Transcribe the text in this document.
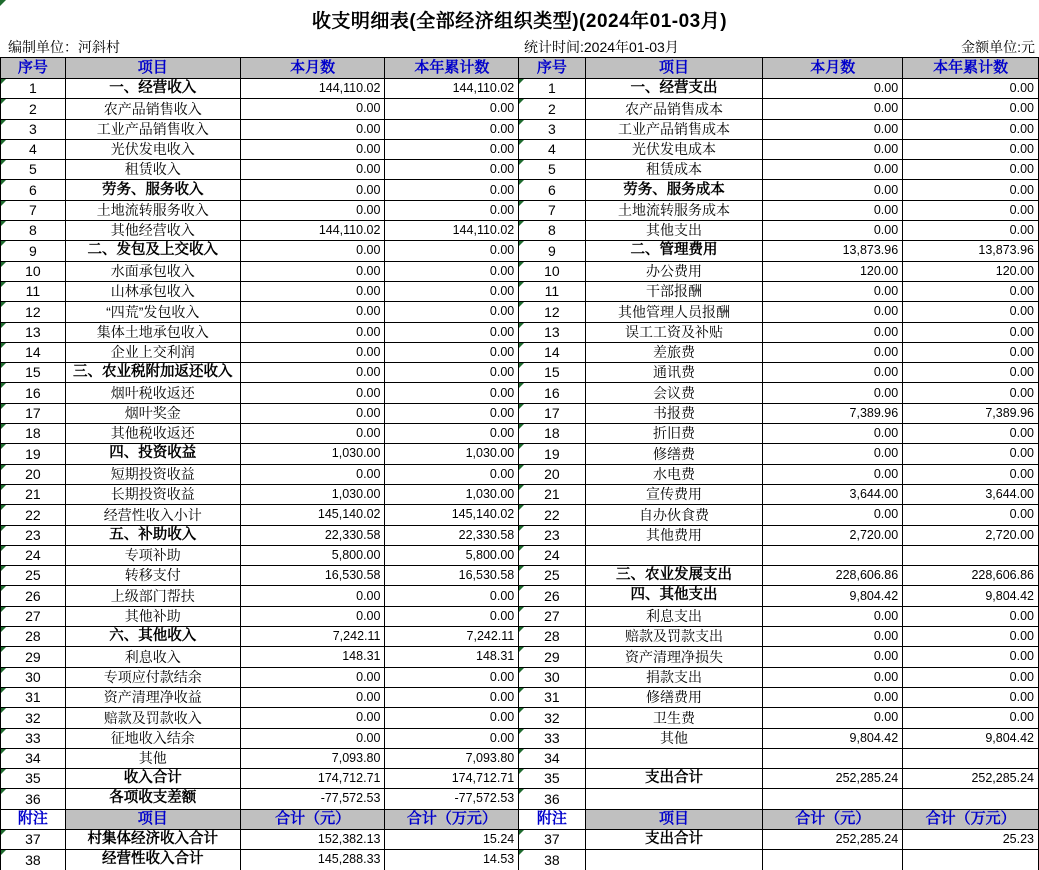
收支明细表(全部经济组织类型)(2024年01-03月)
编制单位：河斜村	统计时间:2024年01-03月	金额单位:元
序号	项目	本月数	本年累计数

1	一、经营收入	144,110.02	144,110.02

2	农产品销售收入	0.00	0.00

3	工业产品销售收入	0.00	0.00

4	光伏发电收入	0.00	0.00

5	租赁收入	0.00	0.00

6	劳务、服务收入	0.00	0.00

7	土地流转服务收入	0.00	0.00

8	其他经营收入	144,110.02	144,110.02

9	二、发包及上交收入	0.00	0.00

10	水面承包收入	0.00	0.00

11	山林承包收入	0.00	0.00

12	“四荒”发包收入	0.00	0.00

13	集体土地承包收入	0.00	0.00

14	企业上交利润	0.00	0.00

15	三、农业税附加返还收入	0.00	0.00

16	烟叶税收返还	0.00	0.00

17	烟叶奖金	0.00	0.00

18	其他税收返还	0.00	0.00

19	四、投资收益	1,030.00	1,030.00

20	短期投资收益	0.00	0.00

21	长期投资收益	1,030.00	1,030.00

22	经营性收入小计	145,140.02	145,140.02

23	五、补助收入	22,330.58	22,330.58

24	专项补助	5,800.00	5,800.00

25	转移支付	16,530.58	16,530.58

26	上级部门帮扶	0.00	0.00

27	其他补助	0.00	0.00

28	六、其他收入	7,242.11	7,242.11

29	利息收入	148.31	148.31

30	专项应付款结余	0.00	0.00

31	资产清理净收益	0.00	0.00

32	赔款及罚款收入	0.00	0.00

33	征地收入结余	0.00	0.00

34	其他	7,093.80	7,093.80

35	收入合计	174,712.71	174,712.71

36	各项收支差额	-77,572.53	-77,572.53
附注	项目	合计（元）	合计（万元）

37	村集体经济收入合计	152,382.13	15.24

38	经营性收入合计	145,288.33	14.53
序号	项目	本月数	本年累计数

1	一、经营支出	0.00	0.00

2	农产品销售成本	0.00	0.00

3	工业产品销售成本	0.00	0.00

4	光伏发电成本	0.00	0.00

5	租赁成本	0.00	0.00

6	劳务、服务成本	0.00	0.00

7	土地流转服务成本	0.00	0.00

8	其他支出	0.00	0.00

9	二、管理费用	13,873.96	13,873.96

10	办公费用	120.00	120.00

11	干部报酬	0.00	0.00

12	其他管理人员报酬	0.00	0.00

13	误工工资及补贴	0.00	0.00

14	差旅费	0.00	0.00

15	通讯费	0.00	0.00

16	会议费	0.00	0.00

17	书报费	7,389.96	7,389.96

18	折旧费	0.00	0.00

19	修缮费	0.00	0.00

20	水电费	0.00	0.00

21	宣传费用	3,644.00	3,644.00

22	自办伙食费	0.00	0.00

23	其他费用	2,720.00	2,720.00

24			

25	三、农业发展支出	228,606.86	228,606.86

26	四、其他支出	9,804.42	9,804.42

27	利息支出	0.00	0.00

28	赔款及罚款支出	0.00	0.00

29	资产清理净损失	0.00	0.00

30	捐款支出	0.00	0.00

31	修缮费用	0.00	0.00

32	卫生费	0.00	0.00

33	其他	9,804.42	9,804.42

34			

35	支出合计	252,285.24	252,285.24

36			
附注	项目	合计（元）	合计（万元）

37	支出合计	252,285.24	25.23

38			
